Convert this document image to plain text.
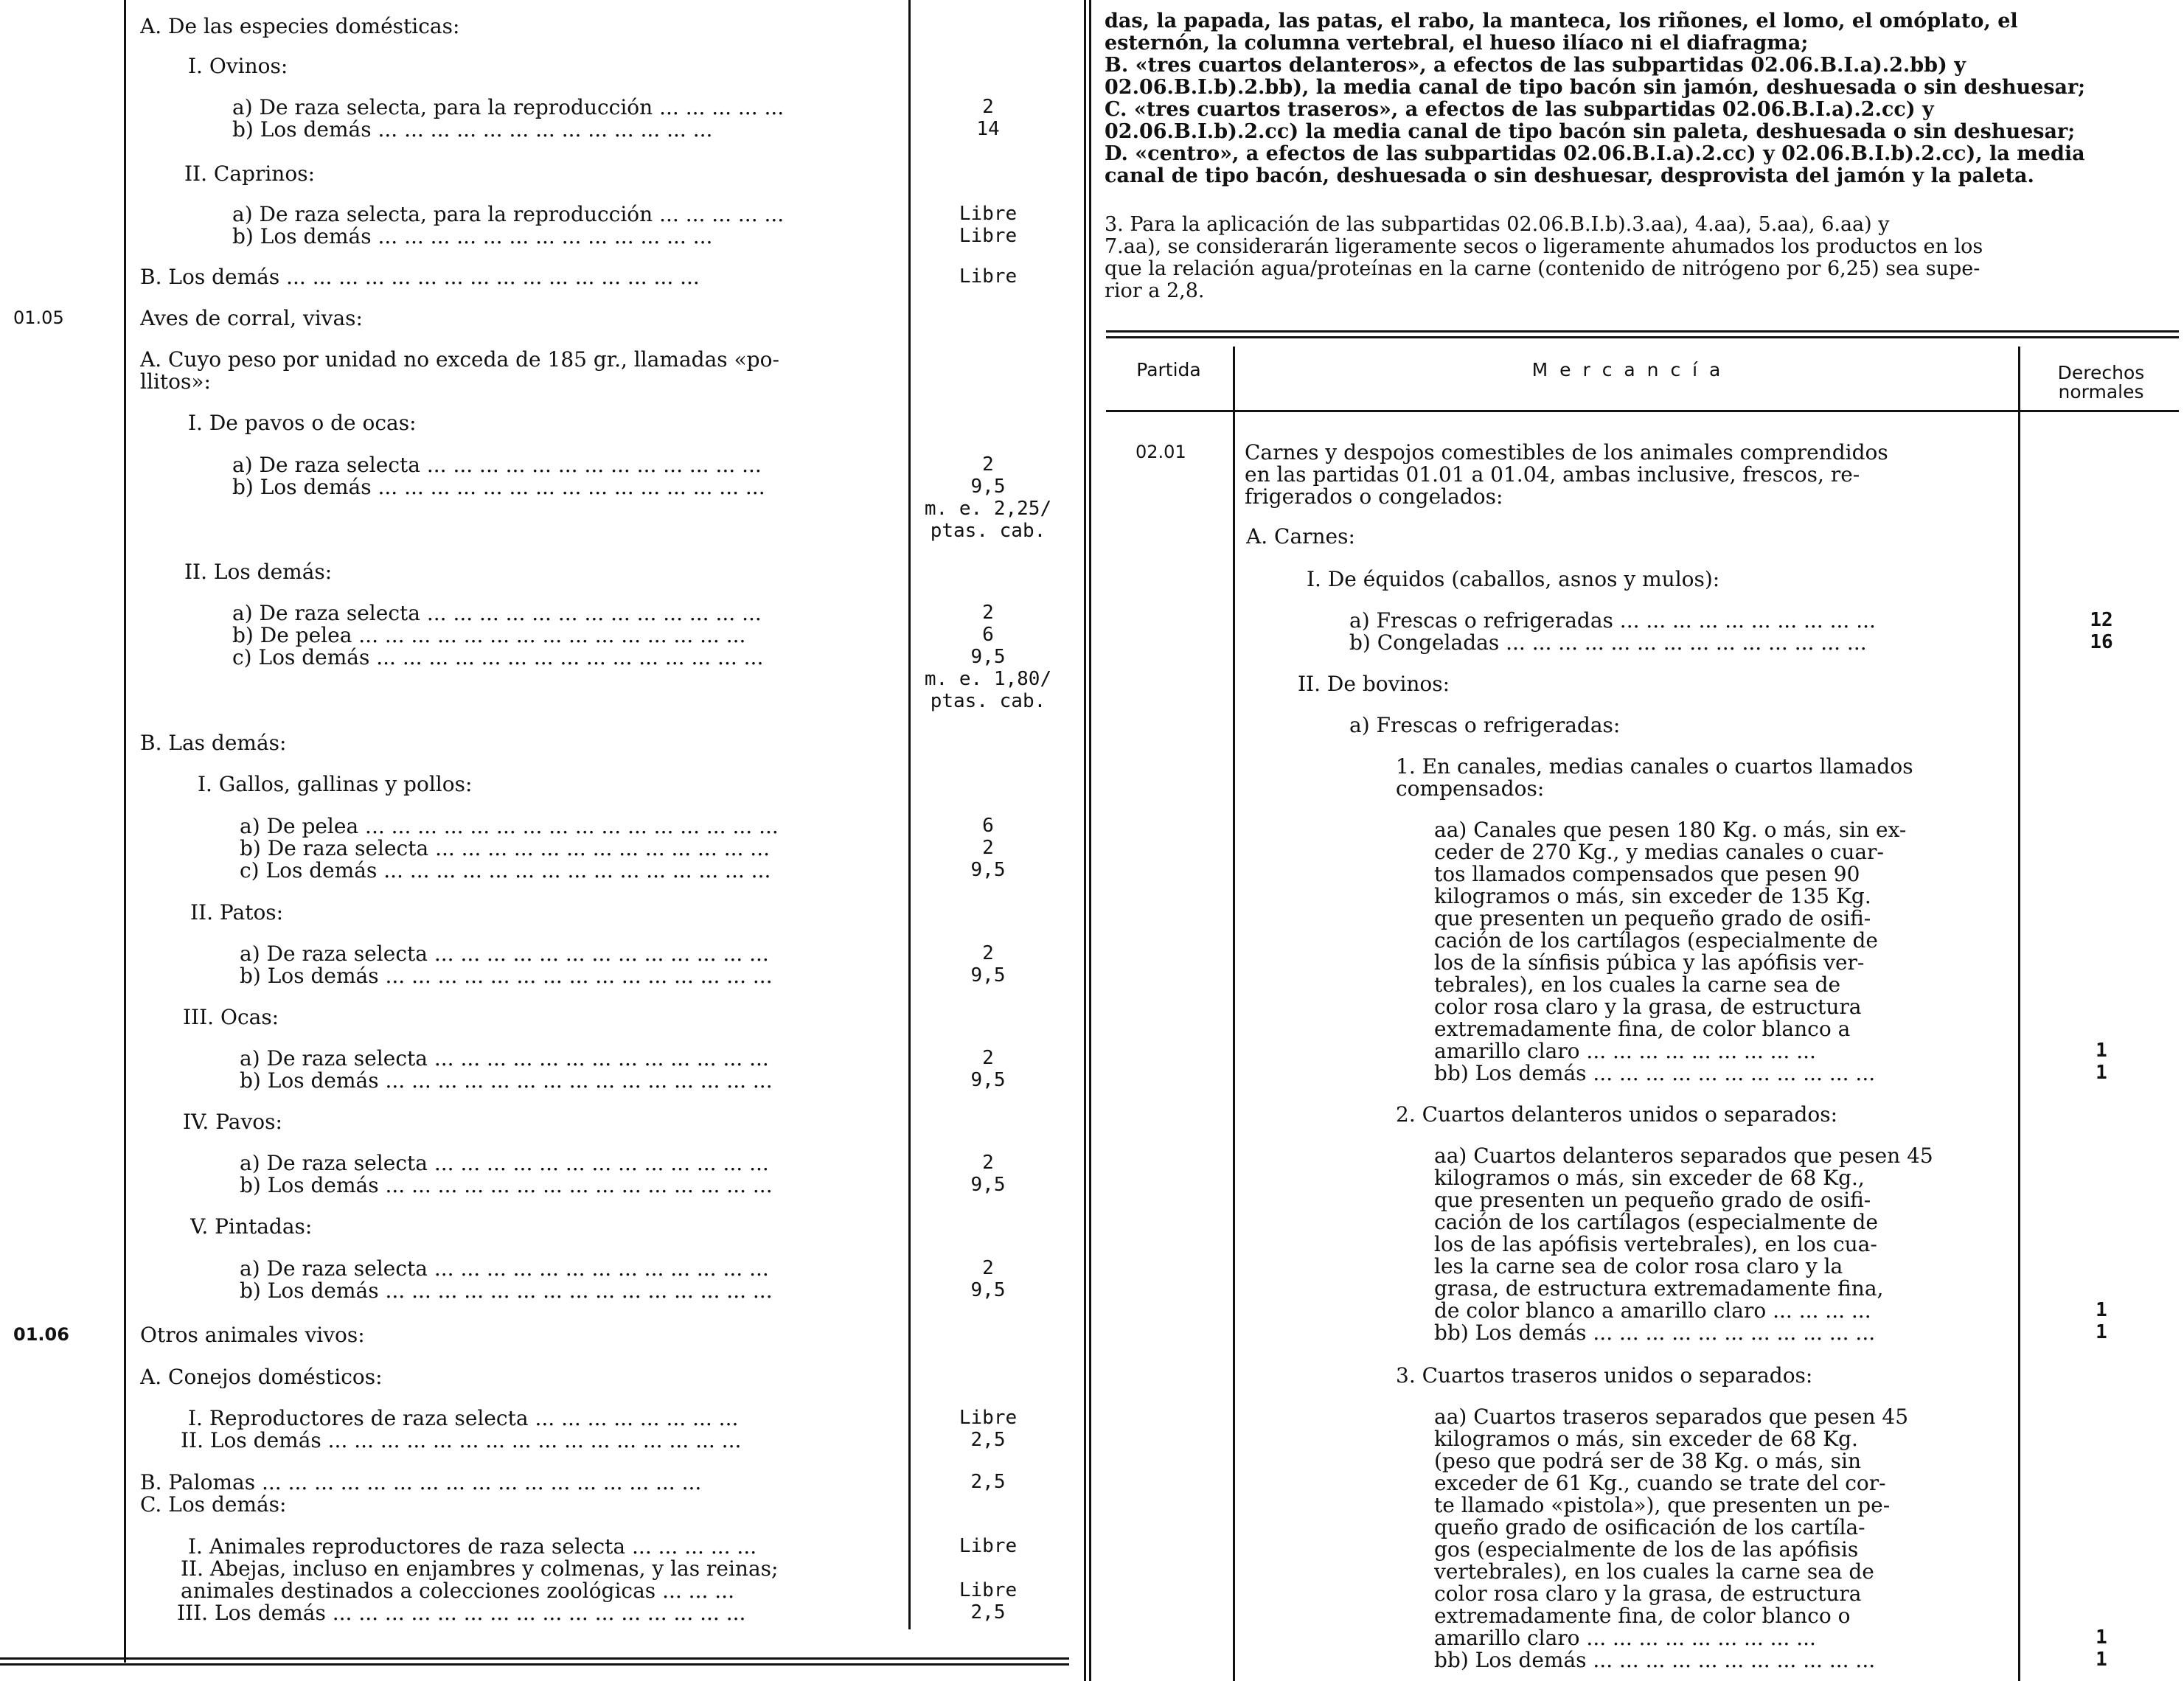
A. De las especies domésticas:
I. Ovinos:
a) De raza selecta, para la reproducción ... ... ... ... ...	2
b) Los demás ... ... ... ... ... ... ... ... ... ... ... ... ...	14
II. Caprinos:
a) De raza selecta, para la reproducción ... ... ... ... ...	Libre
b) Los demás ... ... ... ... ... ... ... ... ... ... ... ... ...	Libre
B. Los demás ... ... ... ... ... ... ... ... ... ... ... ... ... ... ... ...	Libre
01.05	Aves de corral, vivas:
A. Cuyo peso por unidad no exceda de 185 gr., llamadas «po-
llitos»:
I. De pavos o de ocas:
a) De raza selecta ... ... ... ... ... ... ... ... ... ... ... ... ...	2
b) Los demás ... ... ... ... ... ... ... ... ... ... ... ... ... ... ...	9,5
m. e. 2,25/
ptas. cab.
II. Los demás:
a) De raza selecta ... ... ... ... ... ... ... ... ... ... ... ... ...	2
b) De pelea ... ... ... ... ... ... ... ... ... ... ... ... ... ... ...	6
c) Los demás ... ... ... ... ... ... ... ... ... ... ... ... ... ... ...	9,5
m. e. 1,80/
ptas. cab.
B. Las demás:
I. Gallos, gallinas y pollos:
a) De pelea ... ... ... ... ... ... ... ... ... ... ... ... ... ... ... ...	6
b) De raza selecta ... ... ... ... ... ... ... ... ... ... ... ... ...	2
c) Los demás ... ... ... ... ... ... ... ... ... ... ... ... ... ... ...	9,5
II. Patos:
a) De raza selecta ... ... ... ... ... ... ... ... ... ... ... ... ...	2
b) Los demás ... ... ... ... ... ... ... ... ... ... ... ... ... ... ...	9,5
III. Ocas:
a) De raza selecta ... ... ... ... ... ... ... ... ... ... ... ... ...	2
b) Los demás ... ... ... ... ... ... ... ... ... ... ... ... ... ... ...	9,5
IV. Pavos:
a) De raza selecta ... ... ... ... ... ... ... ... ... ... ... ... ...	2
b) Los demás ... ... ... ... ... ... ... ... ... ... ... ... ... ... ...	9,5
V. Pintadas:
a) De raza selecta ... ... ... ... ... ... ... ... ... ... ... ... ...	2
b) Los demás ... ... ... ... ... ... ... ... ... ... ... ... ... ... ...	9,5
01.06	Otros animales vivos:
A. Conejos domésticos:
I. Reproductores de raza selecta ... ... ... ... ... ... ... ...	Libre
II. Los demás ... ... ... ... ... ... ... ... ... ... ... ... ... ... ... ...	2,5
B. Palomas ... ... ... ... ... ... ... ... ... ... ... ... ... ... ... ... ...	2,5
C. Los demás:
I. Animales reproductores de raza selecta ... ... ... ... ...	Libre
II. Abejas, incluso en enjambres y colmenas, y las reinas;
animales destinados a colecciones zoológicas ... ... ...	Libre
III. Los demás ... ... ... ... ... ... ... ... ... ... ... ... ... ... ... ...	2,5
das, la papada, las patas, el rabo, la manteca, los riñones, el lomo, el omóplato, el
esternón, la columna vertebral, el hueso ilíaco ni el diafragma;
B. «tres cuartos delanteros», a efectos de las subpartidas 02.06.B.I.a).2.bb) y
02.06.B.I.b).2.bb), la media canal de tipo bacón sin jamón, deshuesada o sin deshuesar;
C. «tres cuartos traseros», a efectos de las subpartidas 02.06.B.I.a).2.cc) y
02.06.B.I.b).2.cc) la media canal de tipo bacón sin paleta, deshuesada o sin deshuesar;
D. «centro», a efectos de las subpartidas 02.06.B.I.a).2.cc) y 02.06.B.I.b).2.cc), la media
canal de tipo bacón, deshuesada o sin deshuesar, desprovista del jamón y la paleta.
3. Para la aplicación de las subpartidas 02.06.B.I.b).3.aa), 4.aa), 5.aa), 6.aa) y
7.aa), se considerarán ligeramente secos o ligeramente ahumados los productos en los
que la relación agua/proteínas en la carne (contenido de nitrógeno por 6,25) sea supe-
rior a 2,8.
Partida	M e r c a n c í a	Derechos
normales
02.01	Carnes y despojos comestibles de los animales comprendidos
en las partidas 01.01 a 01.04, ambas inclusive, frescos, re-
frigerados o congelados:
A. Carnes:
I. De équidos (caballos, asnos y mulos):
a) Frescas o refrigeradas ... ... ... ... ... ... ... ... ... ...	12
b) Congeladas ... ... ... ... ... ... ... ... ... ... ... ... ... ...	16
II. De bovinos:
a) Frescas o refrigeradas:
1. En canales, medias canales o cuartos llamados
compensados:
aa) Canales que pesen 180 Kg. o más, sin ex-
ceder de 270 Kg., y medias canales o cuar-
tos llamados compensados que pesen 90
kilogramos o más, sin exceder de 135 Kg.
que presenten un pequeño grado de osifi-
cación de los cartílagos (especialmente de
los de la sínfisis púbica y las apófisis ver-
tebrales), en los cuales la carne sea de
color rosa claro y la grasa, de estructura
extremadamente fina, de color blanco a
amarillo claro ... ... ... ... ... ... ... ... ...	1
bb) Los demás ... ... ... ... ... ... ... ... ... ... ...	1
2. Cuartos delanteros unidos o separados:
aa) Cuartos delanteros separados que pesen 45
kilogramos o más, sin exceder de 68 Kg.,
que presenten un pequeño grado de osifi-
cación de los cartílagos (especialmente de
los de las apófisis vertebrales), en los cua-
les la carne sea de color rosa claro y la
grasa, de estructura extremadamente fina,
de color blanco a amarillo claro ... ... ... ...	1
bb) Los demás ... ... ... ... ... ... ... ... ... ... ...	1
3. Cuartos traseros unidos o separados:
aa) Cuartos traseros separados que pesen 45
kilogramos o más, sin exceder de 68 Kg.
(peso que podrá ser de 38 Kg. o más, sin
exceder de 61 Kg., cuando se trate del cor-
te llamado «pistola»), que presenten un pe-
queño grado de osificación de los cartíla-
gos (especialmente de los de las apófisis
vertebrales), en los cuales la carne sea de
color rosa claro y la grasa, de estructura
extremadamente fina, de color blanco o
amarillo claro ... ... ... ... ... ... ... ... ...	1
bb) Los demás ... ... ... ... ... ... ... ... ... ... ...	1
